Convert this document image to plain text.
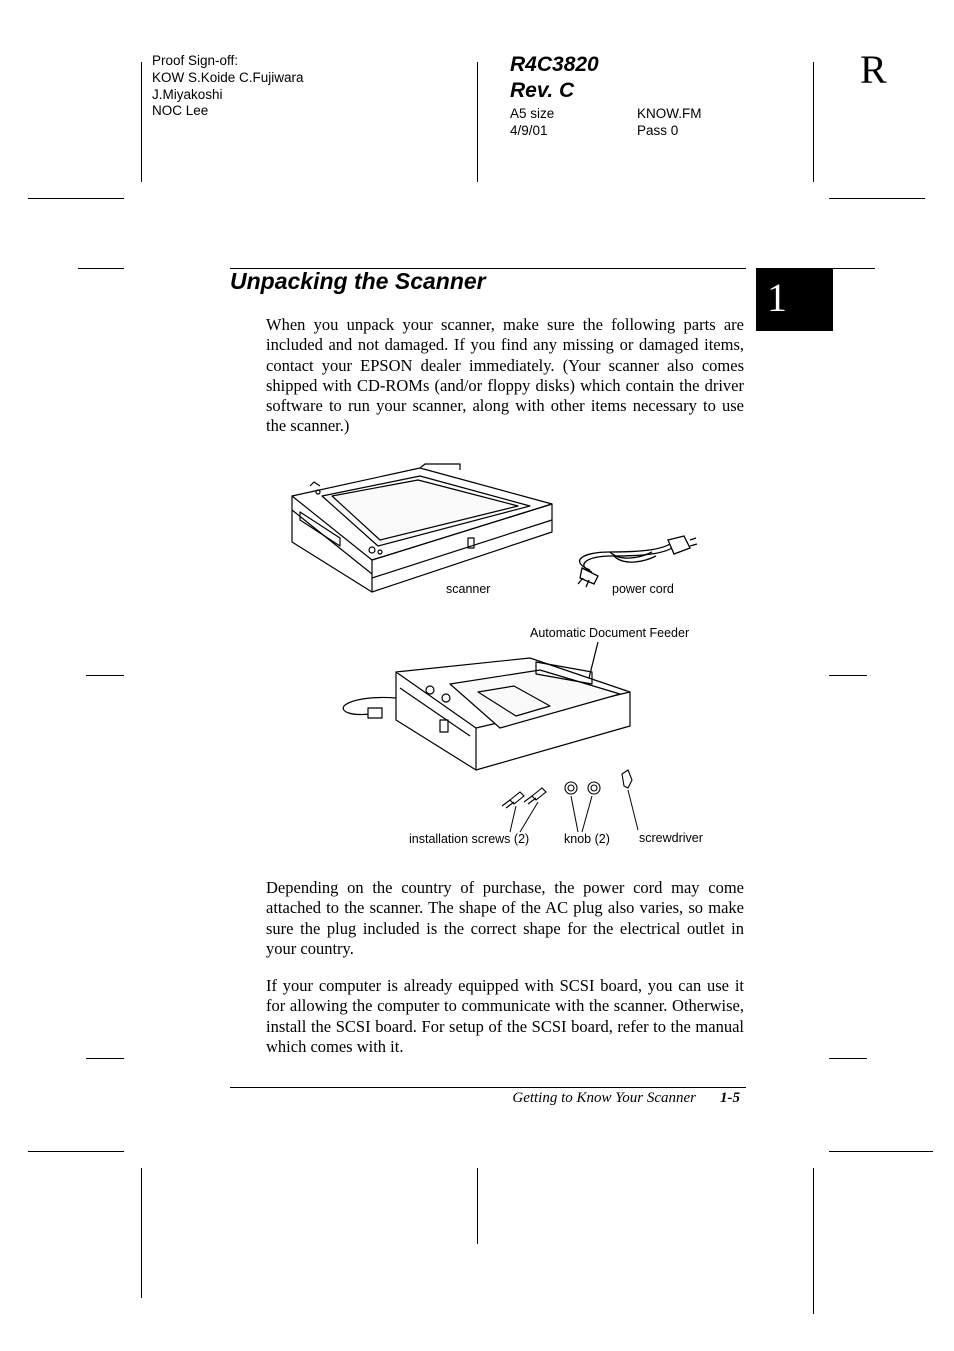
Proof Sign-off:
KOW S.Koide C.Fujiwara
J.Miyakoshi
NOC Lee
R4C3820
Rev. C
A5 size
4/9/01
KNOW.FM
Pass 0
R
Unpacking the Scanner	1
When you unpack your scanner, make sure the following parts are included and not damaged. If you find any missing or damaged items, contact your EPSON dealer immediately. (Your scanner also comes shipped with CD-ROMs (and/or floppy disks) which contain the driver software to run your scanner, along with other items necessary to use the scanner.)
scanner	power cord
Automatic Document Feeder
installation screws (2)	knob (2) screwdriver
Depending on the country of purchase, the power cord may come attached to the scanner. The shape of the AC plug also varies, so make sure the plug included is the correct shape for the electrical outlet in your country.
If your computer is already equipped with SCSI board, you can use it for allowing the computer to communicate with the scanner. Otherwise, install the SCSI board. For setup of the SCSI board, refer to the manual which comes with it.
Getting to Know Your Scanner 1-5
